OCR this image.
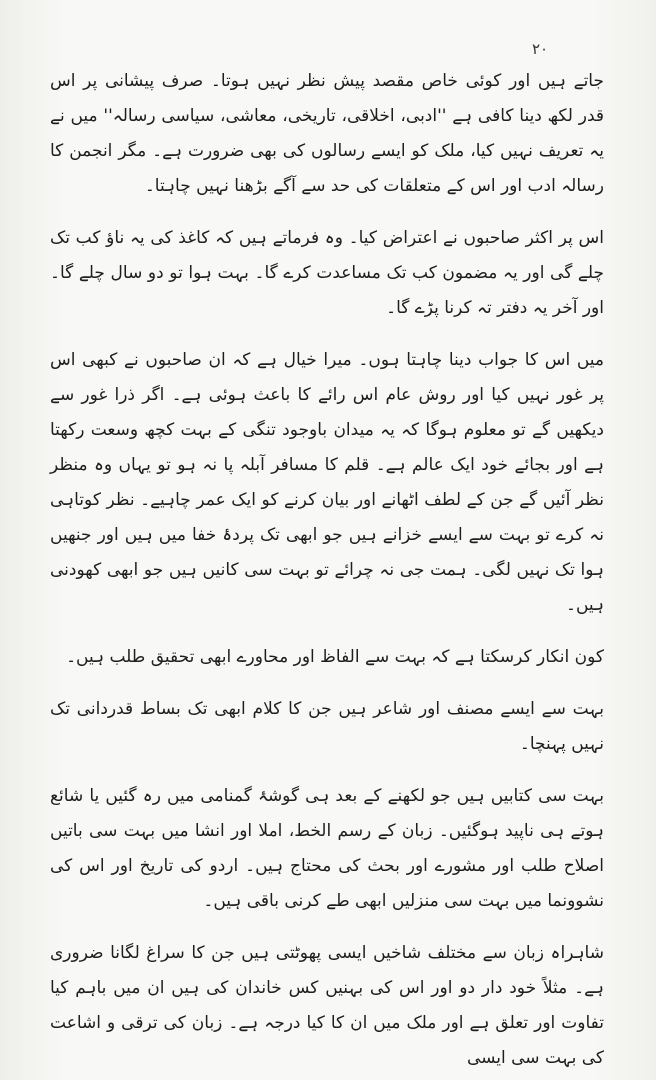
۲۰

جاتے ہیں اور کوئی خاص مقصد پیش نظر نہیں ہوتا۔ صرف پیشانی پر اس قدر لکھ دینا کافی ہے ''ادبی، اخلاقی، تاریخی، معاشی، سیاسی رسالہ'' میں نے یہ تعریف نہیں کیا، ملک کو ایسے رسالوں کی بھی ضرورت ہے۔ مگر انجمن کا رسالہ ادب اور اس کے متعلقات کی حد سے آگے بڑھنا نہیں چاہتا۔

اس پر اکثر صاحبوں نے اعتراض کیا۔ وہ فرماتے ہیں کہ کاغذ کی یہ ناؤ کب تک چلے گی اور یہ مضمون کب تک مساعدت کرے گا۔ بہت ہوا تو دو سال چلے گا۔ اور آخر یہ دفتر تہ کرنا پڑے گا۔

میں اس کا جواب دینا چاہتا ہوں۔ میرا خیال ہے کہ ان صاحبوں نے کبھی اس پر غور نہیں کیا اور روش عام اس رائے کا باعث ہوئی ہے۔ اگر ذرا غور سے دیکھیں گے تو معلوم ہوگا کہ یہ میدان باوجود تنگی کے بہت کچھ وسعت رکھتا ہے اور بجائے خود ایک عالم ہے۔ قلم کا مسافر آبلہ پا نہ ہو تو یہاں وہ منظر نظر آئیں گے جن کے لطف اٹھانے اور بیان کرنے کو ایک عمر چاہیے۔ نظر کوتاہی نہ کرے تو بہت سے ایسے خزانے ہیں جو ابھی تک پردۂ خفا میں ہیں اور جنھیں ہوا تک نہیں لگی۔ ہمت جی نہ چرائے تو بہت سی کانیں ہیں جو ابھی کھودنی ہیں۔

کون انکار کرسکتا ہے کہ بہت سے الفاظ اور محاورے ابھی تحقیق طلب ہیں۔

بہت سے ایسے مصنف اور شاعر ہیں جن کا کلام ابھی تک بساط قدردانی تک نہیں پہنچا۔

بہت سی کتابیں ہیں جو لکھنے کے بعد ہی گوشۂ گمنامی میں رہ گئیں یا شائع ہوتے ہی ناپید ہوگئیں۔ زبان کے رسم الخط، املا اور انشا میں بہت سی باتیں اصلاح طلب اور مشورے اور بحث کی محتاج ہیں۔ اردو کی تاریخ اور اس کی نشوونما میں بہت سی منزلیں ابھی طے کرنی باقی ہیں۔

شاہراہ زبان سے مختلف شاخیں ایسی پھوٹتی ہیں جن کا سراغ لگانا ضروری ہے۔ مثلاً خود دار دو اور اس کی بہنیں کس خاندان کی ہیں ان میں باہم کیا تفاوت اور تعلق ہے اور ملک میں ان کا کیا درجہ ہے۔ زبان کی ترقی و اشاعت کی بہت سی ایسی
